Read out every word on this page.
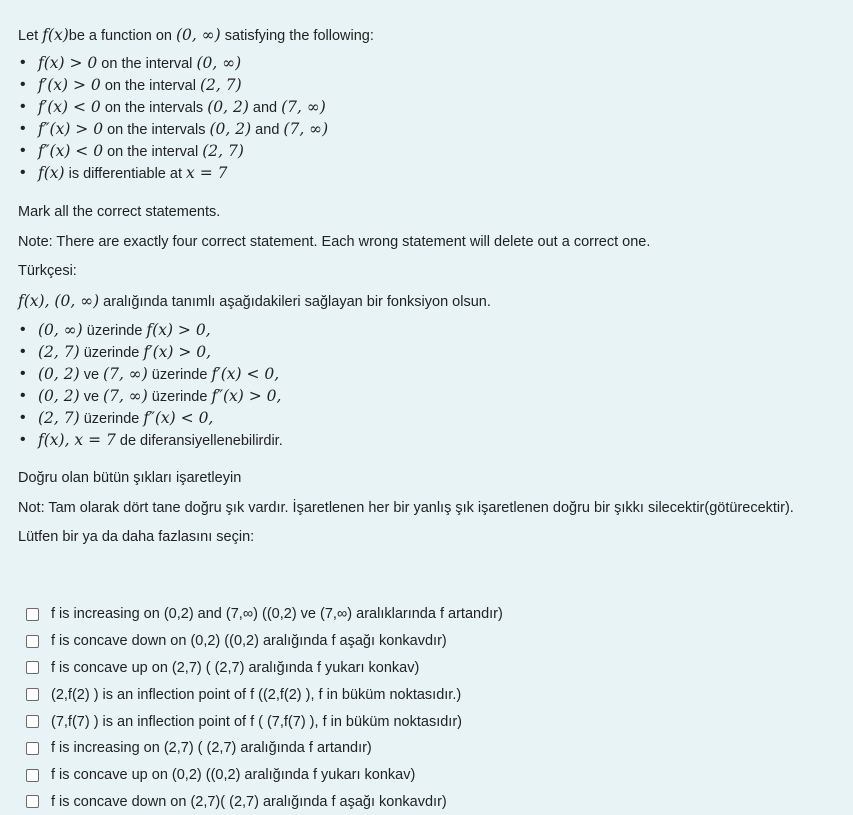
Let f(x)be a function on (0, ∞) satisfying the following:
• f(x) > 0 on the interval (0, ∞)
• f′(x) > 0 on the interval (2, 7)
• f′(x) < 0 on the intervals (0, 2) and (7, ∞)
• f″(x) > 0 on the intervals (0, 2) and (7, ∞)
• f″(x) < 0 on the interval (2, 7)
• f(x) is differentiable at x = 7
Mark all the correct statements.
Note: There are exactly four correct statement. Each wrong statement will delete out a correct one.
Türkçesi:
f(x), (0, ∞) aralığında tanımlı aşağıdakileri sağlayan bir fonksiyon olsun.
• (0, ∞) üzerinde f(x) > 0,
• (2, 7) üzerinde f′(x) > 0,
• (0, 2) ve (7, ∞) üzerinde f′(x) < 0,
• (0, 2) ve (7, ∞) üzerinde f″(x) > 0,
• (2, 7) üzerinde f″(x) < 0,
• f(x), x = 7 de diferansiyellenebilirdir.
Doğru olan bütün şıkları işaretleyin
Not: Tam olarak dört tane doğru şık vardır. İşaretlenen her bir yanlış şık işaretlenen doğru bir şıkkı silecektir(götürecektir).
Lütfen bir ya da daha fazlasını seçin:
f is increasing on (0,2) and (7,∞) ((0,2) ve (7,∞) aralıklarında f artandır)
f is concave down on (0,2) ((0,2) aralığında f aşağı konkavdır)
f is concave up on (2,7) ( (2,7) aralığında f yukarı konkav)
(2,f(2) ) is an inflection point of f ((2,f(2) ), f in büküm noktasıdır.)
(7,f(7) ) is an inflection point of f ( (7,f(7) ), f in büküm noktasıdır)
f is increasing on (2,7) ( (2,7) aralığında f artandır)
f is concave up on (0,2) ((0,2) aralığında f yukarı konkav)
f is concave down on (2,7)( (2,7) aralığında f aşağı konkavdır)
